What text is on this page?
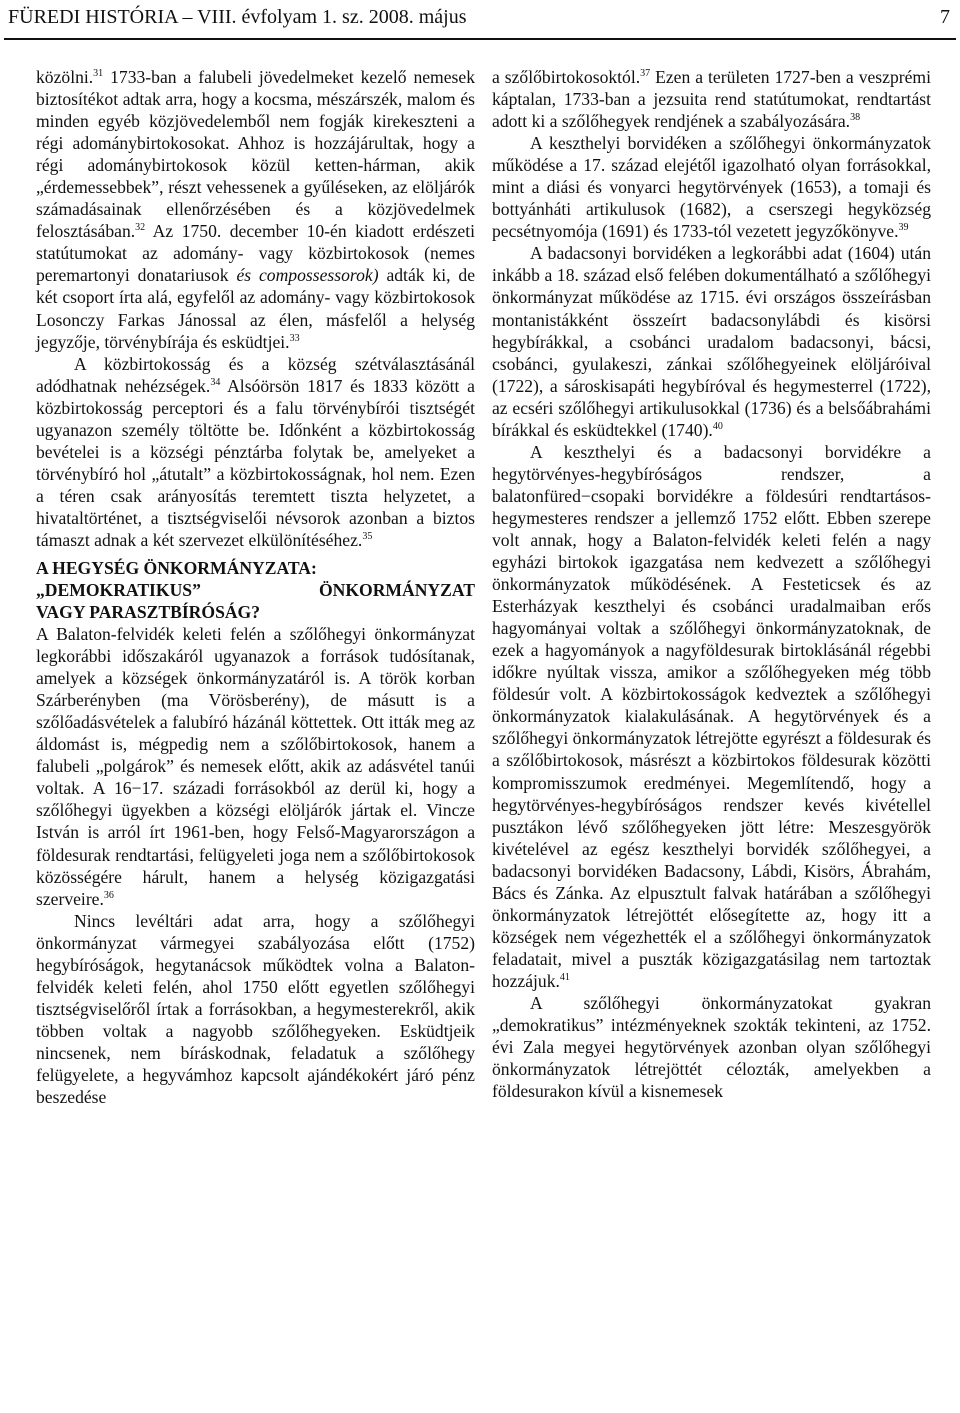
FÜREDI HISTÓRIA – VIII. évfolyam 1. sz. 2008. május	7

közölni.$^{31}$ 1733-ban a falubeli jövedelmeket kezelő nemesek biztosítékot adtak arra, hogy a kocsma, mészárszék, malom és minden egyéb közjövedelemből nem fogják kirekeszteni a régi adománybirtokosokat. Ahhoz is hozzájárultak, hogy a régi adománybirtokosok közül ketten-hárman, akik „érdemessebbek”, részt vehessenek a gyűléseken, az elöljárók számadásainak ellenőrzésében és a közjövedelmek felosztásában.$^{32}$ Az 1750. december 10-én kiadott erdészeti statútumokat az adomány- vagy közbirtokosok (nemes peremartonyi donatariusok és compossessorok) adták ki, de két csoport írta alá, egyfelől az adomány- vagy közbirtokosok Losonczy Farkas Jánossal az élen, másfelől a helység jegyzője, törvénybírája és esküdtjei.$^{33}$

A közbirtokosság és a község szétválasztásánál adódhatnak nehézségek.$^{34}$ Alsóörsön 1817 és 1833 között a közbirtokosság perceptori és a falu törvénybírói tisztségét ugyanazon személy töltötte be. Időnként a közbirtokosság bevételei is a községi pénztárba folytak be, amelyeket a törvénybíró hol „átutalt” a közbirtokosságnak, hol nem. Ezen a téren csak arányosítás teremtett tiszta helyzetet, a hivataltörténet, a tisztségviselői névsorok azonban a biztos támaszt adnak a két szervezet elkülönítéséhez.$^{35}$

A HEGYSÉG ÖNKORMÁNYZATA:
„DEMOKRATIKUS”	ÖNKORMÁNYZAT
VAGY PARASZTBÍRÓSÁG?

A Balaton-felvidék keleti felén a szőlőhegyi önkormányzat legkorábbi időszakáról ugyanazok a források tudósítanak, amelyek a községek önkormányzatáról is. A török korban Szárberényben (ma Vörösberény), de másutt is a szőlőadásvételek a falubíró házánál köttettek. Ott itták meg az áldomást is, mégpedig nem a szőlőbirtokosok, hanem a falubeli „polgárok” és nemesek előtt, akik az adásvétel tanúi voltak. A 16−17. századi forrásokból az derül ki, hogy a szőlőhegyi ügyekben a községi elöljárók jártak el. Vincze István is arról írt 1961-ben, hogy Felső-Magyarországon a földesurak rendtartási, felügyeleti joga nem a szőlőbirtokosok közösségére hárult, hanem a helység közigazgatási szerveire.$^{36}$

Nincs levéltári adat arra, hogy a szőlőhegyi önkormányzat vármegyei szabályozása előtt (1752) hegybíróságok, hegytanácsok működtek volna a Balaton-felvidék keleti felén, ahol 1750 előtt egyetlen szőlőhegyi tisztségviselőről írtak a forrásokban, a hegymesterekről, akik többen voltak a nagyobb szőlőhegyeken. Esküdtjeik nincsenek, nem bíráskodnak, feladatuk a szőlőhegy felügyelete, a hegyvámhoz kapcsolt ajándékokért járó pénz beszedése

a szőlőbirtokosoktól.$^{37}$ Ezen a területen 1727-ben a veszprémi káptalan, 1733-ban a jezsuita rend statútumokat, rendtartást adott ki a szőlőhegyek rendjének a szabályozására.$^{38}$

A keszthelyi borvidéken a szőlőhegyi önkormányzatok működése a 17. század elejétől igazolható olyan forrásokkal, mint a diási és vonyarci hegytörvények (1653), a tomaji és bottyánháti artikulusok (1682), a cserszegi hegyközség pecsétnyomója (1691) és 1733-tól vezetett jegyzőkönyve.$^{39}$

A badacsonyi borvidéken a legkorábbi adat (1604) után inkább a 18. század első felében dokumentálható a szőlőhegyi önkormányzat működése az 1715. évi országos összeírásban montanistákként összeírt badacsonylábdi és kisörsi hegybírákkal, a csobánci uradalom badacsonyi, bácsi, csobánci, gyulakeszi, zánkai szőlőhegyeinek elöljáróival (1722), a sároskisapáti hegybíróval és hegymesterrel (1722), az ecséri szőlőhegyi artikulusokkal (1736) és a belsőábrahámi bírákkal és esküdtekkel (1740).$^{40}$

A keszthelyi és a badacsonyi borvidékre a hegytörvényes-hegybíróságos rendszer, a balatonfüred−csopaki borvidékre a földesúri rendtartásos-hegymesteres rendszer a jellemző 1752 előtt. Ebben szerepe volt annak, hogy a Balaton-felvidék keleti felén a nagy egyházi birtokok igazgatása nem kedvezett a szőlőhegyi önkormányzatok működésének. A Festeticsek és az Esterházyak keszthelyi és csobánci uradalmaiban erős hagyományai voltak a szőlőhegyi önkormányzatoknak, de ezek a hagyományok a nagyföldesurak birtoklásánál régebbi időkre nyúltak vissza, amikor a szőlőhegyeken még több földesúr volt. A közbirtokosságok kedveztek a szőlőhegyi önkormányzatok kialakulásának. A hegytörvények és a szőlőhegyi önkormányzatok létrejötte egyrészt a földesurak és a szőlőbirtokosok, másrészt a közbirtokos földesurak közötti kompromisszumok eredményei. Megemlítendő, hogy a hegytörvényes-hegybíróságos rendszer kevés kivétellel pusztákon lévő szőlőhegyeken jött létre: Meszesgyörök kivételével az egész keszthelyi borvidék szőlőhegyei, a badacsonyi borvidéken Badacsony, Lábdi, Kisörs, Ábrahám, Bács és Zánka. Az elpusztult falvak határában a szőlőhegyi önkormányzatok létrejöttét elősegítette az, hogy itt a községek nem végezhették el a szőlőhegyi önkormányzatok feladatait, mivel a puszták közigazgatásilag nem tartoztak hozzájuk.$^{41}$

A szőlőhegyi önkormányzatokat gyakran „demokratikus” intézményeknek szokták tekinteni, az 1752. évi Zala megyei hegytörvények azonban olyan szőlőhegyi önkormányzatok létrejöttét célozták, amelyekben a földesurakon kívül a kisnemesek
